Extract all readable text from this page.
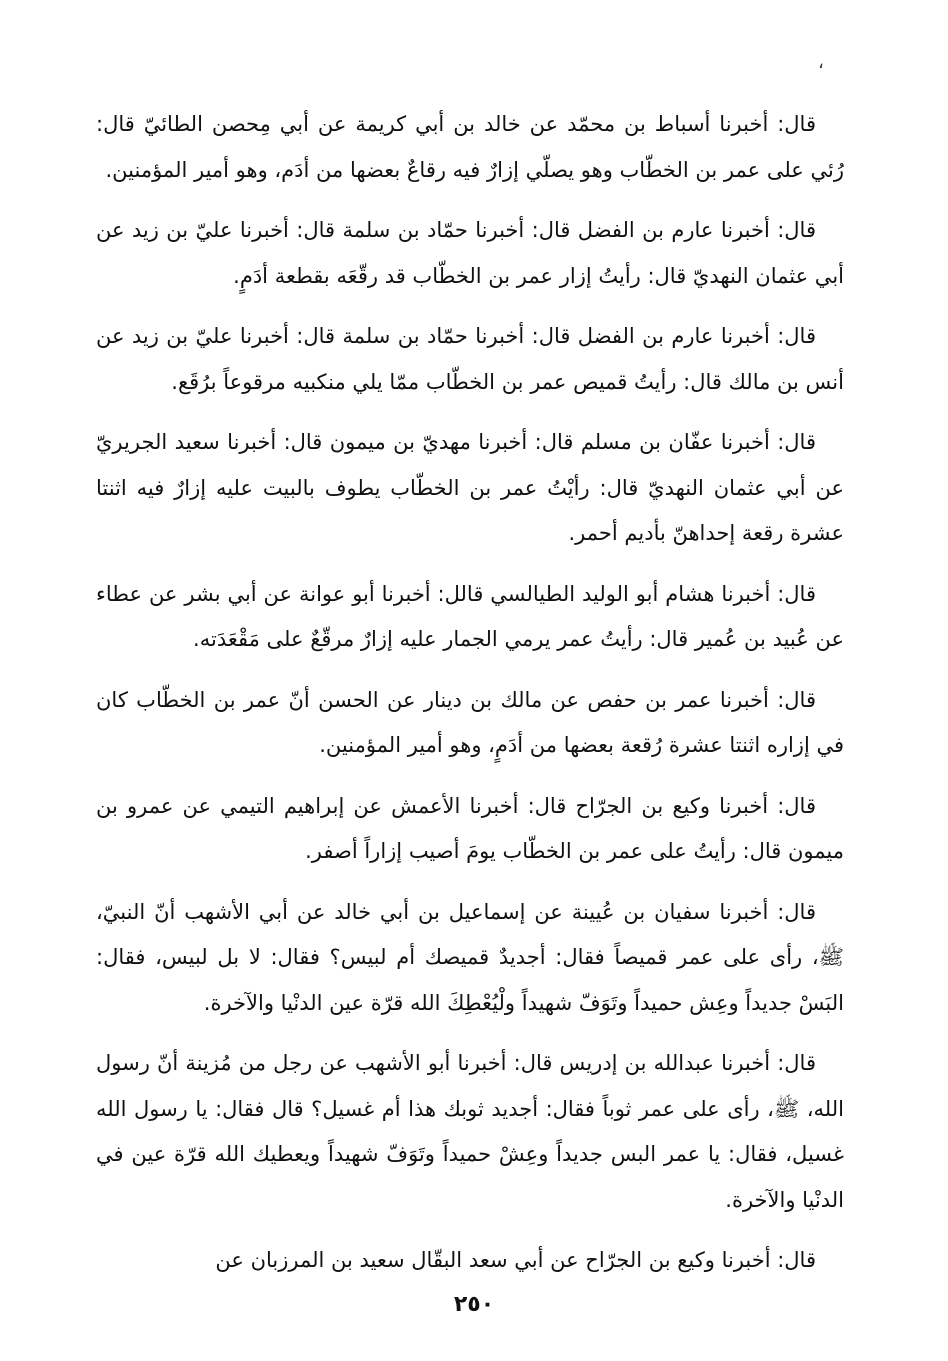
،

قال: أخبرنا أسباط بن محمّد عن خالد بن أبي كريمة عن أبي مِحصن الطائيّ قال: رُئي على عمر بن الخطّاب وهو يصلّي إزارٌ فيه رقاعٌ بعضها من أدَم، وهو أمير المؤمنين.

قال: أخبرنا عارم بن الفضل قال: أخبرنا حمّاد بن سلمة قال: أخبرنا عليّ بن زيد عن أبي عثمان النهديّ قال: رأيتُ إزار عمر بن الخطّاب قد رقّعَه بقطعة أدَمٍ.

قال: أخبرنا عارم بن الفضل قال: أخبرنا حمّاد بن سلمة قال: أخبرنا عليّ بن زيد عن أنس بن مالك قال: رأيتُ قميص عمر بن الخطّاب ممّا يلي منكبيه مرقوعاً برُقَع.

قال: أخبرنا عفّان بن مسلم قال: أخبرنا مهديّ بن ميمون قال: أخبرنا سعيد الجريريّ عن أبي عثمان النهديّ قال: رأيْتُ عمر بن الخطّاب يطوف بالبيت عليه إزارٌ فيه اثنتا عشرة رقعة إحداهنّ بأديم أحمر.

قال: أخبرنا هشام أبو الوليد الطيالسي قالل: أخبرنا أبو عوانة عن أبي بشر عن عطاء عن عُبيد بن عُمير قال: رأيتُ عمر يرمي الجمار عليه إزارٌ مرقّعٌ على مَقْعَدَته.

قال: أخبرنا عمر بن حفص عن مالك بن دينار عن الحسن أنّ عمر بن الخطّاب كان في إزاره اثنتا عشرة رُقعة بعضها من أدَمٍ، وهو أمير المؤمنين.

قال: أخبرنا وكيع بن الجرّاح قال: أخبرنا الأعمش عن إبراهيم التيمي عن عمرو بن ميمون قال: رأيتُ على عمر بن الخطّاب يومَ أصيب إزاراً أصفر.

قال: أخبرنا سفيان بن عُيينة عن إسماعيل بن أبي خالد عن أبي الأشهب أنّ النبيّ، ﷺ، رأى على عمر قميصاً فقال: أجديدٌ قميصك أم لبيس؟ فقال: لا بل لبيس، فقال: البَسْ جديداً وعِش حميداً وتَوَفّ شهيداً ولْيُعْطِكَ الله قرّة عين الدنْيا والآخرة.

قال: أخبرنا عبدالله بن إدريس قال: أخبرنا أبو الأشهب عن رجل من مُزينة أنّ رسول الله، ﷺ، رأى على عمر ثوباً فقال: أجديد ثوبك هذا أم غسيل؟ قال فقال: يا رسول الله غسيل، فقال: يا عمر البس جديداً وعِشْ حميداً وتَوَفّ شهيداً ويعطيك الله قرّة عين في الدنْيا والآخرة.

قال: أخبرنا وكيع بن الجرّاح عن أبي سعد البقّال سعيد بن المرزبان عن

٢٥٠
